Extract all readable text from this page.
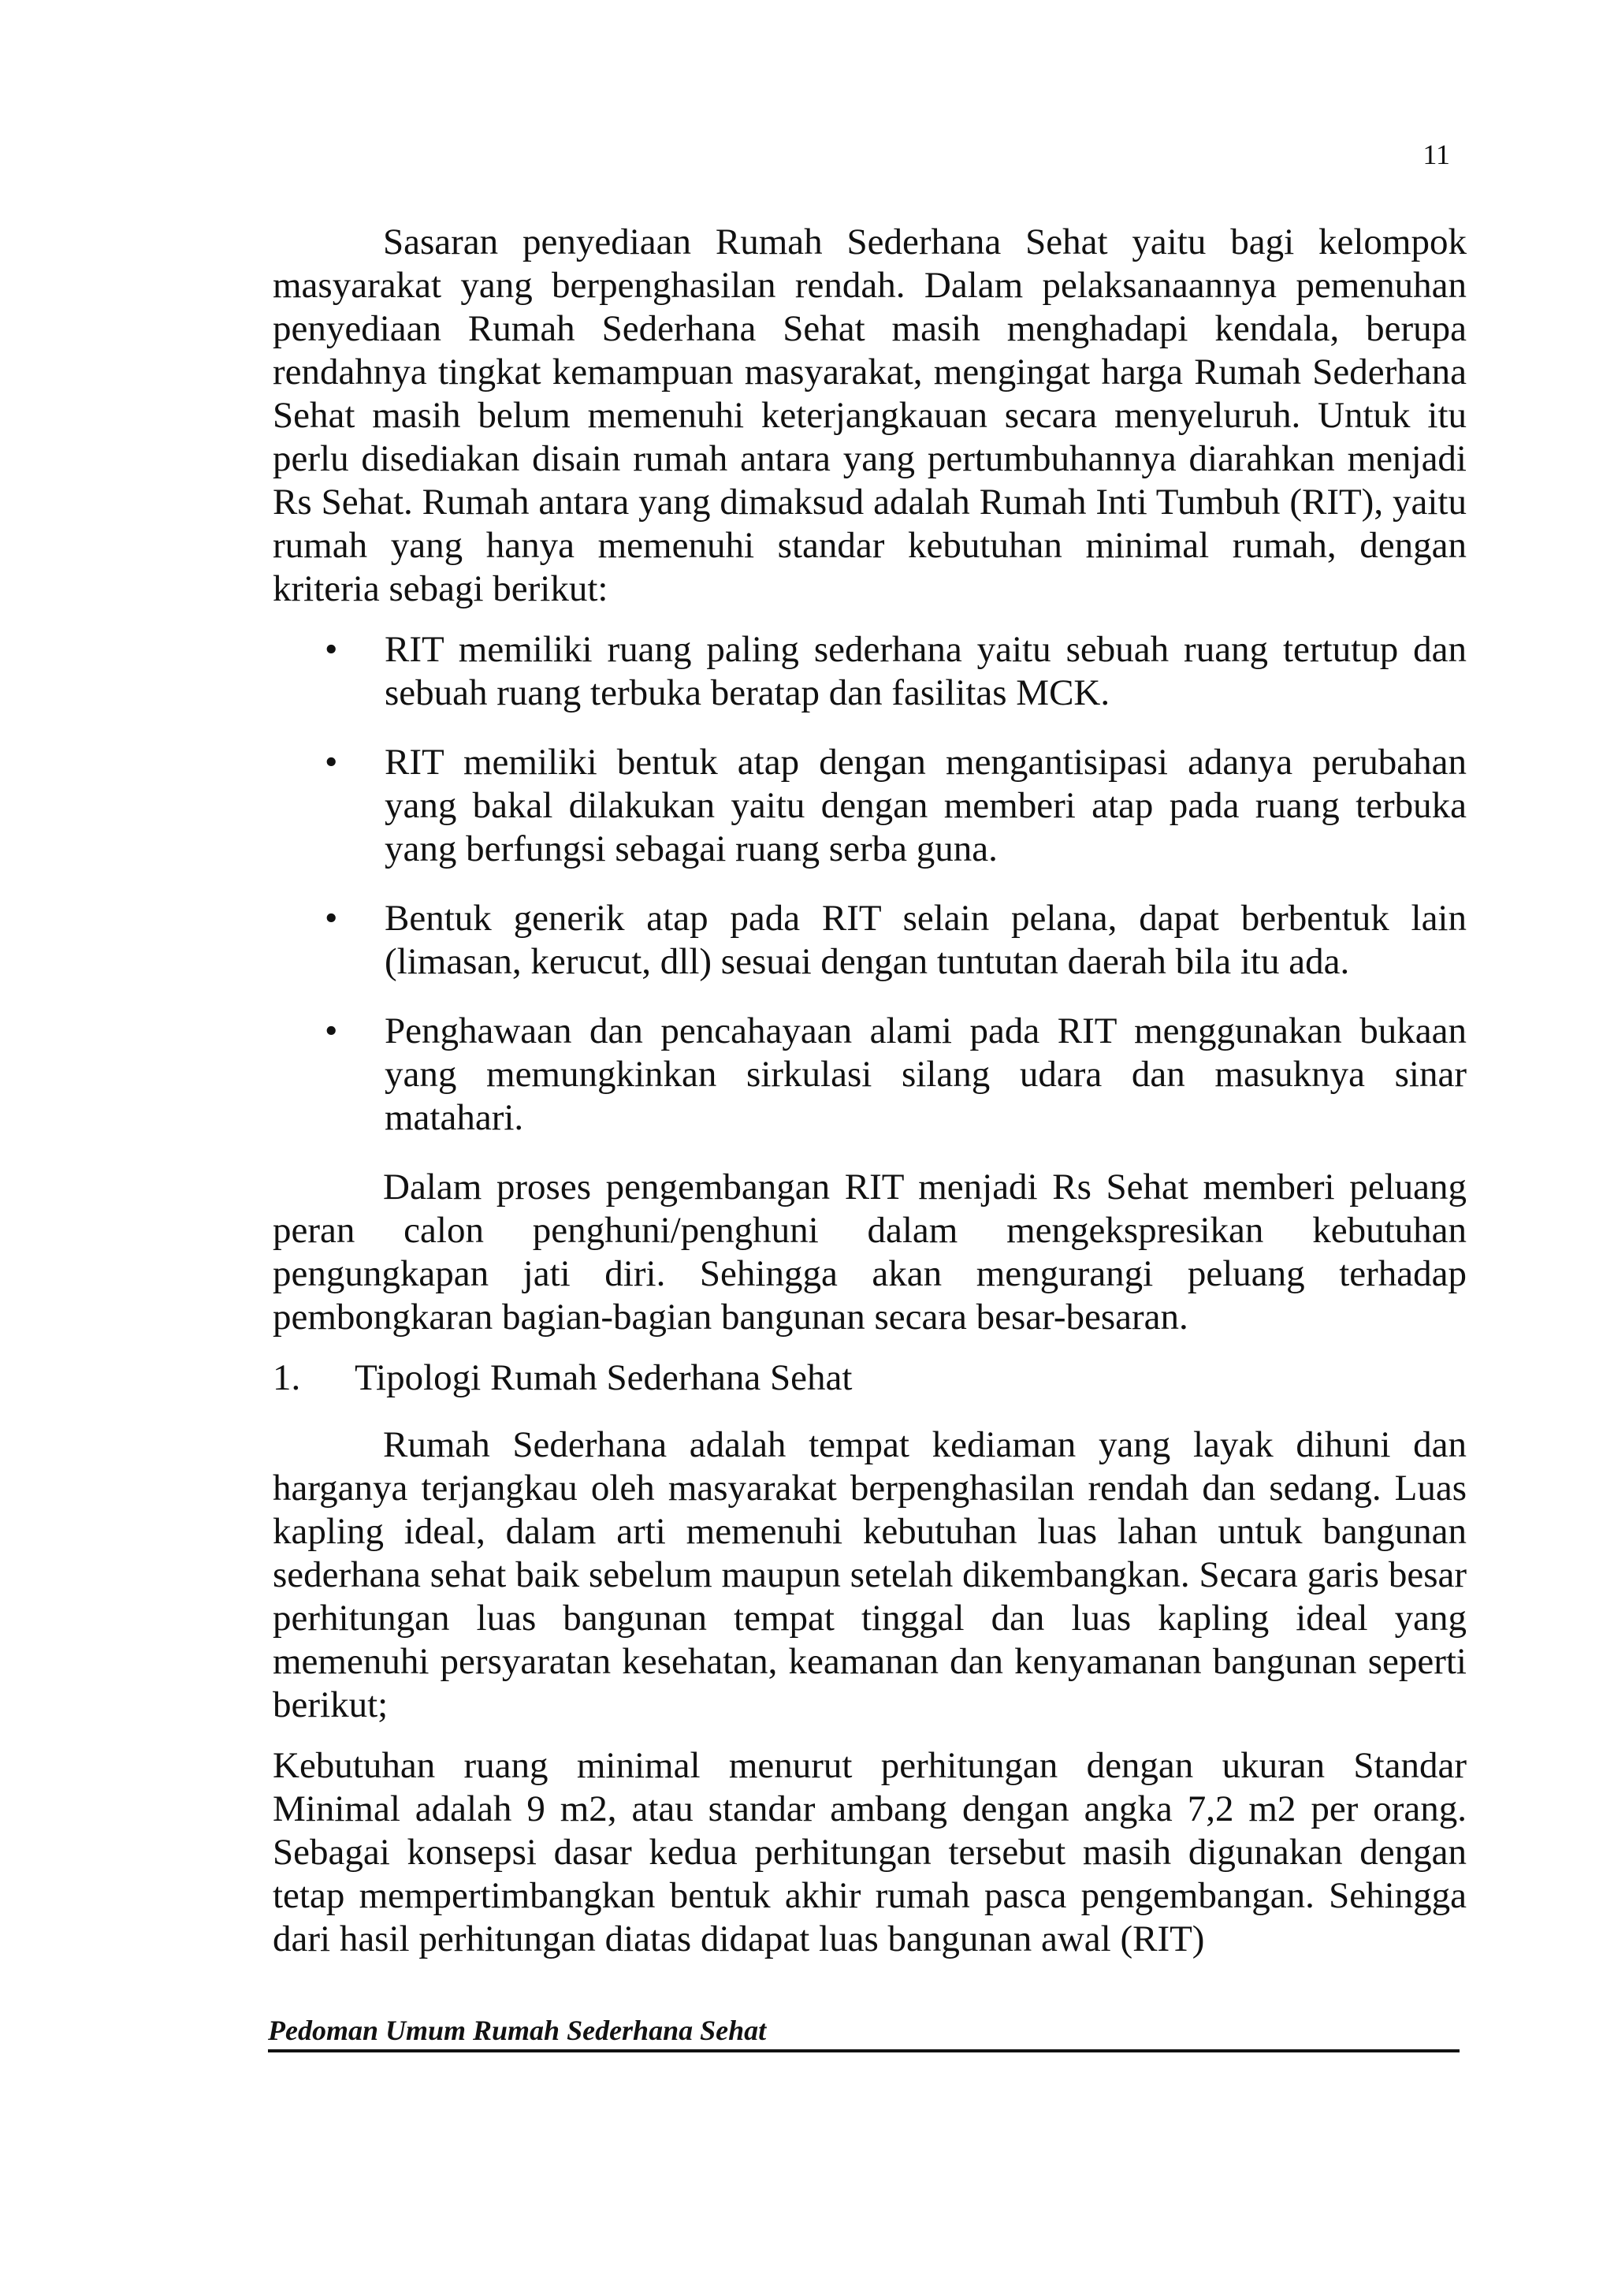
11

Sasaran penyediaan Rumah Sederhana Sehat yaitu bagi kelompok masyarakat yang berpenghasilan rendah. Dalam pelaksanaannya pemenuhan penyediaan Rumah Sederhana Sehat masih menghadapi kendala, berupa rendahnya tingkat kemampuan masyarakat, mengingat harga Rumah Sederhana Sehat masih belum memenuhi keterjangkauan secara menyeluruh. Untuk itu perlu disediakan disain rumah antara yang pertumbuhannya diarahkan menjadi Rs Sehat. Rumah antara yang dimaksud adalah Rumah Inti Tumbuh (RIT), yaitu rumah yang hanya memenuhi standar kebutuhan minimal rumah, dengan kriteria sebagi berikut:

• RIT memiliki ruang paling sederhana yaitu sebuah ruang tertutup dan sebuah ruang terbuka beratap dan fasilitas MCK.
• RIT memiliki bentuk atap dengan mengantisipasi adanya perubahan yang bakal dilakukan yaitu dengan memberi atap pada ruang terbuka yang berfungsi sebagai ruang serba guna.
• Bentuk generik atap pada RIT selain pelana, dapat berbentuk lain (limasan, kerucut, dll) sesuai dengan tuntutan daerah bila itu ada.
• Penghawaan dan pencahayaan alami pada RIT menggunakan bukaan yang memungkinkan sirkulasi silang udara dan masuknya sinar matahari.

Dalam proses pengembangan RIT menjadi Rs Sehat memberi peluang peran calon penghuni/penghuni dalam mengekspresikan kebutuhan pengungkapan jati diri. Sehingga akan mengurangi peluang terhadap pembongkaran bagian-bagian bangunan secara besar-besaran.

1. Tipologi Rumah Sederhana Sehat

Rumah Sederhana adalah tempat kediaman yang layak dihuni dan harganya terjangkau oleh masyarakat berpenghasilan rendah dan sedang. Luas kapling ideal, dalam arti memenuhi kebutuhan luas lahan untuk bangunan sederhana sehat baik sebelum maupun setelah dikembangkan. Secara garis besar perhitungan luas bangunan tempat tinggal dan luas kapling ideal yang memenuhi persyaratan kesehatan, keamanan dan kenyamanan bangunan seperti berikut;

Kebutuhan ruang minimal menurut perhitungan dengan ukuran Standar Minimal adalah 9 m2, atau standar ambang dengan angka 7,2 m2 per orang. Sebagai konsepsi dasar kedua perhitungan tersebut masih digunakan dengan tetap mempertimbangkan bentuk akhir rumah pasca pengembangan. Sehingga dari hasil perhitungan diatas didapat luas bangunan awal (RIT)

Pedoman Umum Rumah Sederhana Sehat
